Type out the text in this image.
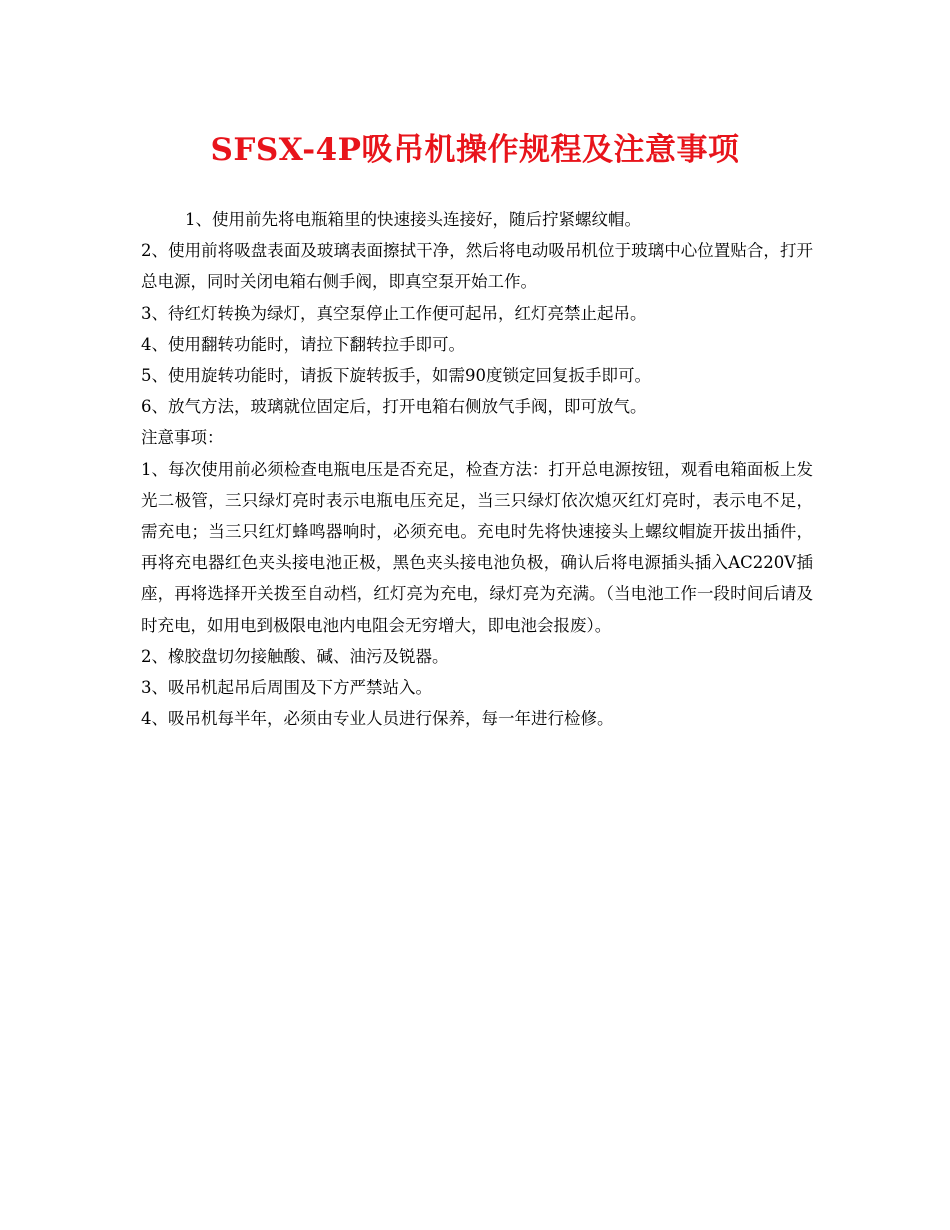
SFSX-4P吸吊机操作规程及注意事项

1、使用前先将电瓶箱里的快速接头连接好，随后拧紧螺纹帽。

2、使用前将吸盘表面及玻璃表面擦拭干净，然后将电动吸吊机位于玻璃中心位置贴合，打开总电源，同时关闭电箱右侧手阀，即真空泵开始工作。

3、待红灯转换为绿灯，真空泵停止工作便可起吊，红灯亮禁止起吊。

4、使用翻转功能时，请拉下翻转拉手即可。

5、使用旋转功能时，请扳下旋转扳手，如需90度锁定回复扳手即可。

6、放气方法，玻璃就位固定后，打开电箱右侧放气手阀，即可放气。

注意事项：

1、每次使用前必须检查电瓶电压是否充足，检查方法：打开总电源按钮，观看电箱面板上发光二极管，三只绿灯亮时表示电瓶电压充足，当三只绿灯依次熄灭红灯亮时，表示电不足，需充电；当三只红灯蜂鸣器响时，必须充电。充电时先将快速接头上螺纹帽旋开拔出插件，再将充电器红色夹头接电池正极，黑色夹头接电池负极，确认后将电源插头插入AC220V插座，再将选择开关拨至自动档，红灯亮为充电，绿灯亮为充满。（当电池工作一段时间后请及时充电，如用电到极限电池内电阻会无穷增大，即电池会报废）。

2、橡胶盘切勿接触酸、碱、油污及锐器。

3、吸吊机起吊后周围及下方严禁站入。

4、吸吊机每半年，必须由专业人员进行保养，每一年进行检修。
